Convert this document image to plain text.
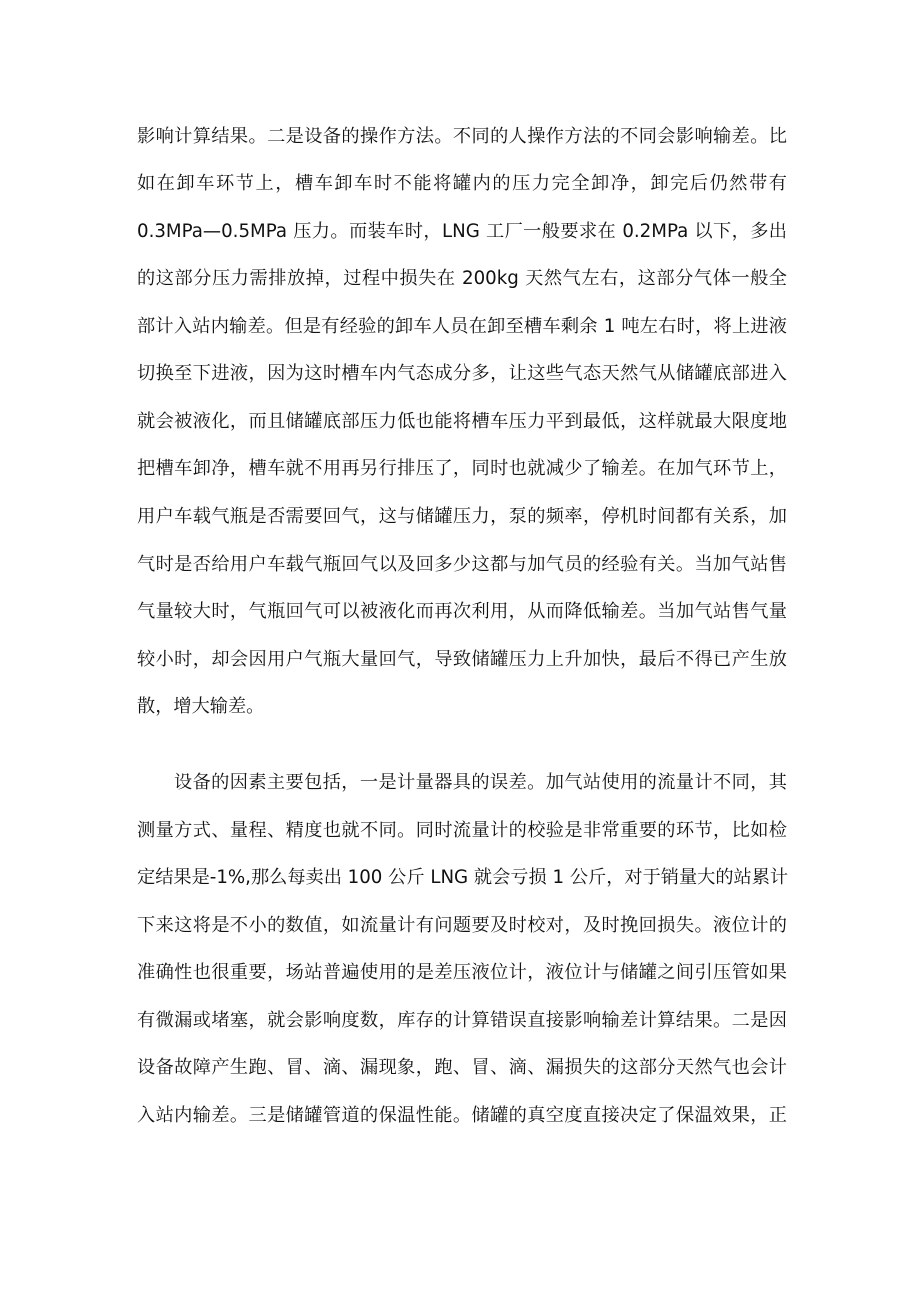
影响计算结果。二是设备的操作方法。不同的人操作方法的不同会影响输差。比
如在卸车环节上，槽车卸车时不能将罐内的压力完全卸净，卸完后仍然带有
0.3MPa—0.5MPa 压力。而装车时，LNG 工厂一般要求在 0.2MPa 以下，多出
的这部分压力需排放掉，过程中损失在 200kg 天然气左右，这部分气体一般全
部计入站内输差。但是有经验的卸车人员在卸至槽车剩余 1 吨左右时，将上进液
切换至下进液，因为这时槽车内气态成分多，让这些气态天然气从储罐底部进入
就会被液化，而且储罐底部压力低也能将槽车压力平到最低，这样就最大限度地
把槽车卸净，槽车就不用再另行排压了，同时也就减少了输差。在加气环节上，
用户车载气瓶是否需要回气，这与储罐压力，泵的频率，停机时间都有关系，加
气时是否给用户车载气瓶回气以及回多少这都与加气员的经验有关。当加气站售
气量较大时，气瓶回气可以被液化而再次利用，从而降低输差。当加气站售气量
较小时，却会因用户气瓶大量回气，导致储罐压力上升加快，最后不得已产生放
散，增大输差。
设备的因素主要包括，一是计量器具的误差。加气站使用的流量计不同，其
测量方式、量程、精度也就不同。同时流量计的校验是非常重要的环节，比如检
定结果是-1%,那么每卖出 100 公斤 LNG 就会亏损 1 公斤，对于销量大的站累计
下来这将是不小的数值，如流量计有问题要及时校对，及时挽回损失。液位计的
准确性也很重要，场站普遍使用的是差压液位计，液位计与储罐之间引压管如果
有微漏或堵塞，就会影响度数，库存的计算错误直接影响输差计算结果。二是因
设备故障产生跑、冒、滴、漏现象，跑、冒、滴、漏损失的这部分天然气也会计
入站内输差。三是储罐管道的保温性能。储罐的真空度直接决定了保温效果，正
